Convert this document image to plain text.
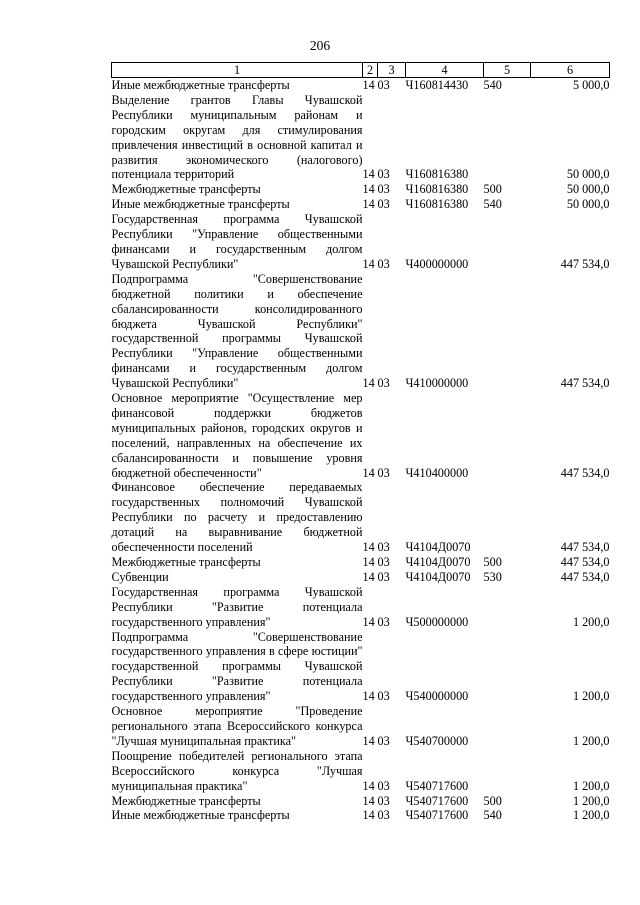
206
1	2	3	4	5	6
Иные межбюджетные трансферты	14	03	Ч160814430	540	5 000,0
Выделение грантов Главы Чувашской Республики муниципальным районам и городским округам для стимулирования привлечения инвестиций в основной капитал и развития экономического (налогового) потенциала территорий	14	03	Ч160816380		50 000,0
Межбюджетные трансферты	14	03	Ч160816380	500	50 000,0
Иные межбюджетные трансферты	14	03	Ч160816380	540	50 000,0
Государственная программа Чувашской Республики "Управление общественными финансами и государственным долгом Чувашской Республики"	14	03	Ч400000000		447 534,0
Подпрограмма "Совершенствование бюджетной политики и обеспечение сбалансированности консолидированного бюджета Чувашской Республики" государственной программы Чувашской Республики "Управление общественными финансами и государственным долгом Чувашской Республики"	14	03	Ч410000000		447 534,0
Основное мероприятие "Осуществление мер финансовой поддержки бюджетов муниципальных районов, городских округов и поселений, направленных на обеспечение их сбалансированности и повышение уровня бюджетной обеспеченности"	14	03	Ч410400000		447 534,0
Финансовое обеспечение передаваемых государственных полномочий Чувашской Республики по расчету и предоставлению дотаций на выравнивание бюджетной обеспеченности поселений	14	03	Ч4104Д0070		447 534,0
Межбюджетные трансферты	14	03	Ч4104Д0070	500	447 534,0
Субвенции	14	03	Ч4104Д0070	530	447 534,0
Государственная программа Чувашской Республики "Развитие потенциала государственного управления"	14	03	Ч500000000		1 200,0
Подпрограмма "Совершенствование государственного управления в сфере юстиции" государственной программы Чувашской Республики "Развитие потенциала государственного управления"	14	03	Ч540000000		1 200,0
Основное мероприятие "Проведение регионального этапа Всероссийского конкурса "Лучшая муниципальная практика"	14	03	Ч540700000		1 200,0
Поощрение победителей регионального этапа Всероссийского конкурса "Лучшая муниципальная практика"	14	03	Ч540717600		1 200,0
Межбюджетные трансферты	14	03	Ч540717600	500	1 200,0
Иные межбюджетные трансферты	14	03	Ч540717600	540	1 200,0
